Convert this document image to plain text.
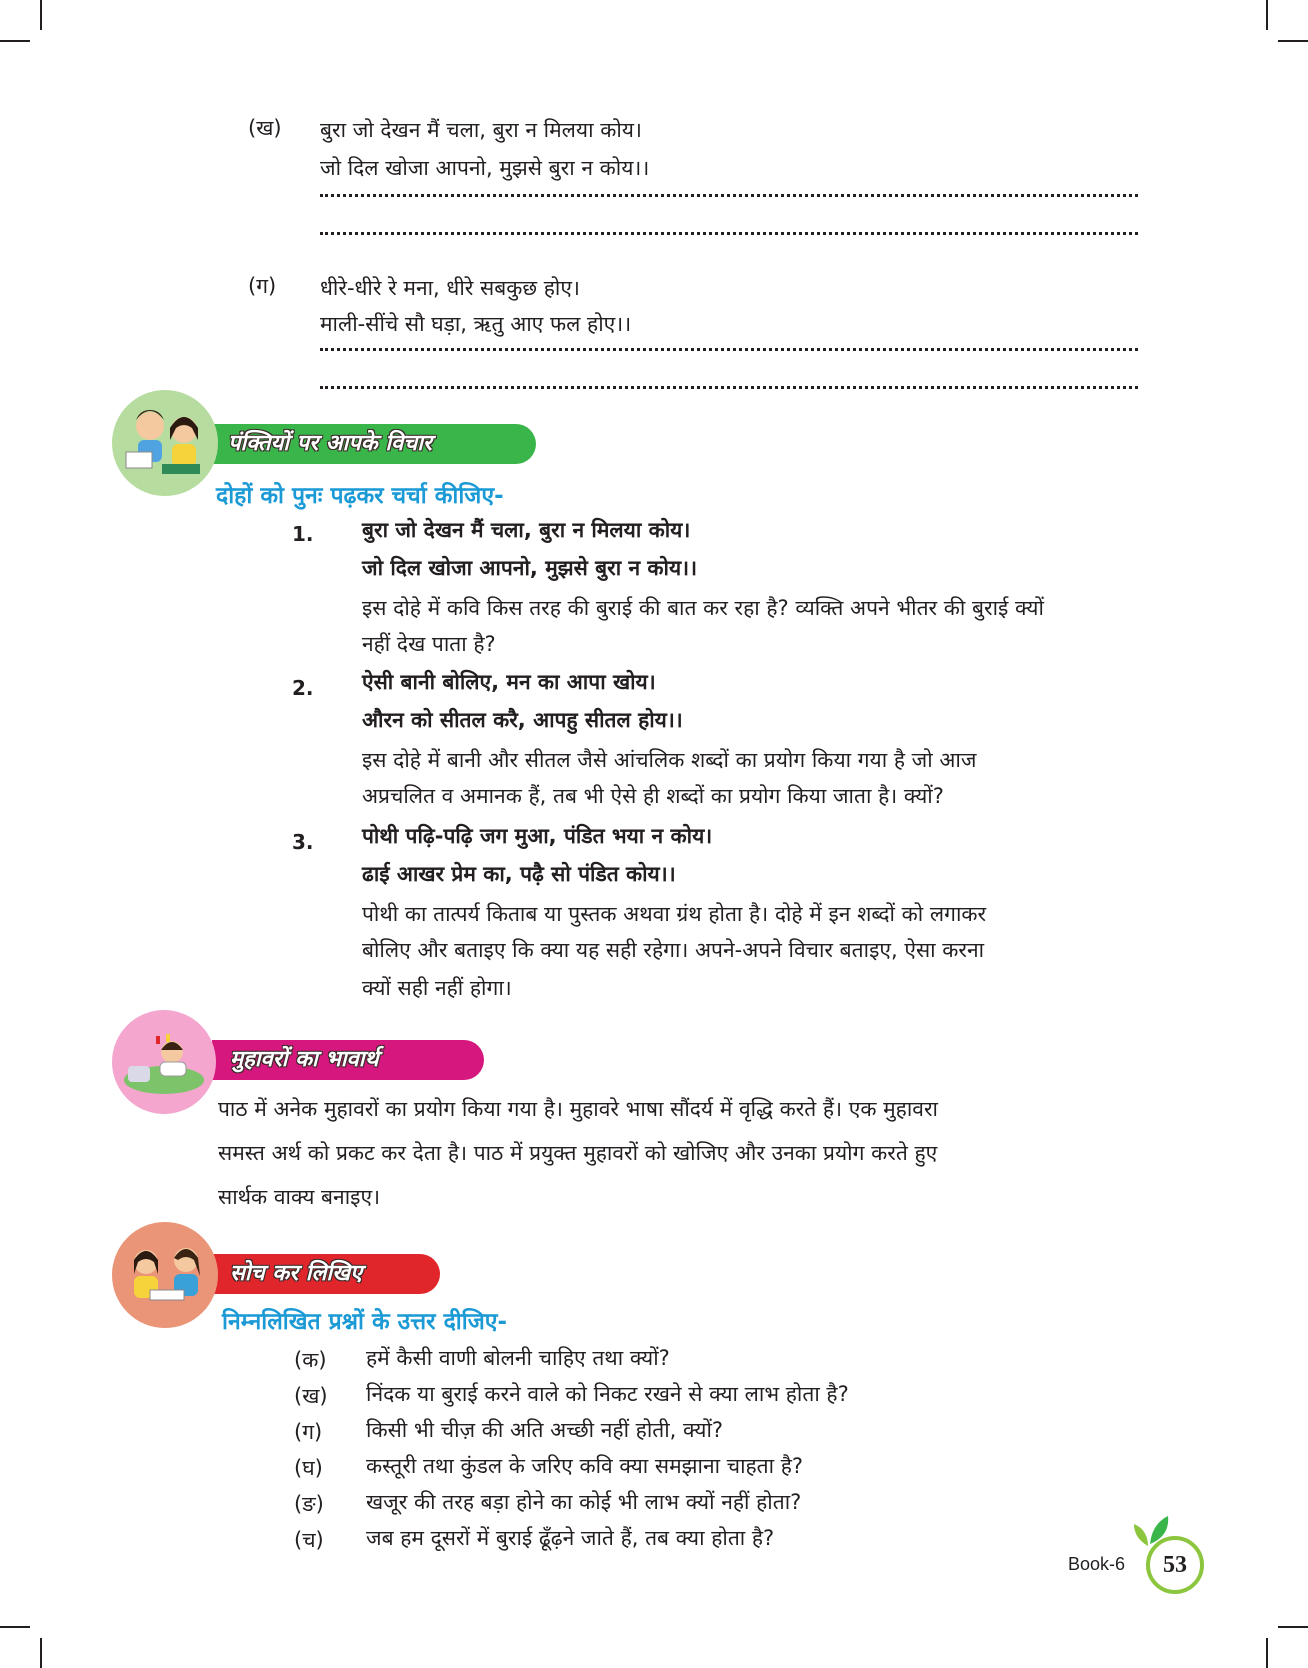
(ख) बुरा जो देखन मैं चला, बुरा न मिलया कोय।
जो दिल खोजा आपनो, मुझसे बुरा न कोय।।
(ग) धीरे-धीरे रे मना, धीरे सबकुछ होए।
माली-सींचे सौ घड़ा, ऋतु आए फल होए।।
पंक्तियों पर आपके विचार
दोहों को पुनः पढ़कर चर्चा कीजिए-
1. बुरा जो देखन मैं चला, बुरा न मिलया कोय।
जो दिल खोजा आपनो, मुझसे बुरा न कोय।।
इस दोहे में कवि किस तरह की बुराई की बात कर रहा है? व्यक्ति अपने भीतर की बुराई क्यों
नहीं देख पाता है?
2. ऐसी बानी बोलिए, मन का आपा खोय।
औरन को सीतल करै, आपहु सीतल होय।।
इस दोहे में बानी और सीतल जैसे आंचलिक शब्दों का प्रयोग किया गया है जो आज
अप्रचलित व अमानक हैं, तब भी ऐसे ही शब्दों का प्रयोग किया जाता है। क्यों?
3. पोथी पढ़ि-पढ़ि जग मुआ, पंडित भया न कोय।
ढाई आखर प्रेम का, पढ़ै सो पंडित कोय।।
पोथी का तात्पर्य किताब या पुस्तक अथवा ग्रंथ होता है। दोहे में इन शब्दों को लगाकर
बोलिए और बताइए कि क्या यह सही रहेगा। अपने-अपने विचार बताइए, ऐसा करना
क्यों सही नहीं होगा।
मुहावरों का भावार्थ
पाठ में अनेक मुहावरों का प्रयोग किया गया है। मुहावरे भाषा सौंदर्य में वृद्धि करते हैं। एक मुहावरा
समस्त अर्थ को प्रकट कर देता है। पाठ में प्रयुक्त मुहावरों को खोजिए और उनका प्रयोग करते हुए
सार्थक वाक्य बनाइए।
सोच कर लिखिए
निम्नलिखित प्रश्नों के उत्तर दीजिए-
(क) हमें कैसी वाणी बोलनी चाहिए तथा क्यों?
(ख) निंदक या बुराई करने वाले को निकट रखने से क्या लाभ होता है?
(ग) किसी भी चीज़ की अति अच्छी नहीं होती, क्यों?
(घ) कस्तूरी तथा कुंडल के जरिए कवि क्या समझाना चाहता है?
(ङ) खजूर की तरह बड़ा होने का कोई भी लाभ क्यों नहीं होता?
(च) जब हम दूसरों में बुराई ढूँढ़ने जाते हैं, तब क्या होता है?
Book-6	53
